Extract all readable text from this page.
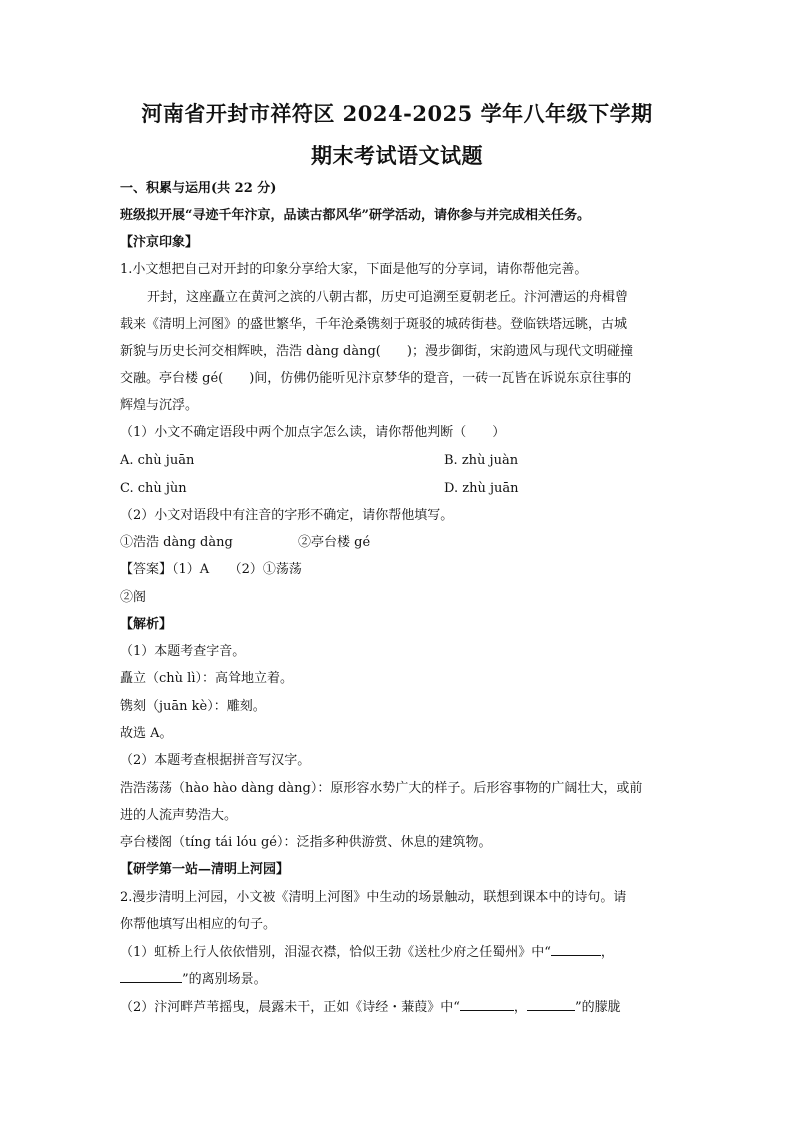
河南省开封市祥符区 2024-2025 学年八年级下学期
期末考试语文试题
一、积累与运用(共 22 分)
班级拟开展“寻迹千年汴京，品读古都风华”研学活动，请你参与并完成相关任务。
【汴京印象】
1.小文想把自己对开封的印象分享给大家，下面是他写的分享词，请你帮他完善。
开封，这座矗立在黄河之滨的八朝古都，历史可追溯至夏朝老丘。汴河漕运的舟楫曾
载来《清明上河图》的盛世繁华，千年沧桑镌刻于斑驳的城砖街巷。登临铁塔远眺，古城
新貌与历史长河交相辉映，浩浩 dàng dàng(　　)；漫步御街，宋韵遗风与现代文明碰撞
交融。亭台楼 gé(　　)间，仿佛仍能听见汴京梦华的跫音，一砖一瓦皆在诉说东京往事的
辉煌与沉浮。
（1）小文不确定语段中两个加点字怎么读，请你帮他判断（　　）
A. chù juān	B. zhù juàn
C. chù jùn	D. zhù juān
（2）小文对语段中有注音的字形不确定，请你帮他填写。
①浩浩 dàng dàng	②亭台楼 gé
【答案】（1）A　　（2）①荡荡
②阁
【解析】
（1）本题考查字音。
矗立（chù lì）：高耸地立着。
镌刻（juān kè）：雕刻。
故选 A。
（2）本题考查根据拼音写汉字。
浩浩荡荡（hào hào dàng dàng）：原形容水势广大的样子。后形容事物的广阔壮大，或前
进的人流声势浩大。
亭台楼阁（tíng tái lóu gé）：泛指多种供游赏、休息的建筑物。
【研学第一站—清明上河园】
2.漫步清明上河园，小文被《清明上河图》中生动的场景触动，联想到课本中的诗句。请
你帮他填写出相应的句子。
（1）虹桥上行人依依惜别，泪湿衣襟，恰似王勃《送杜少府之任蜀州》中“	，
”的离别场景。
（2）汴河畔芦苇摇曳，晨露未干，正如《诗经・蒹葭》中“	，	”的朦胧
